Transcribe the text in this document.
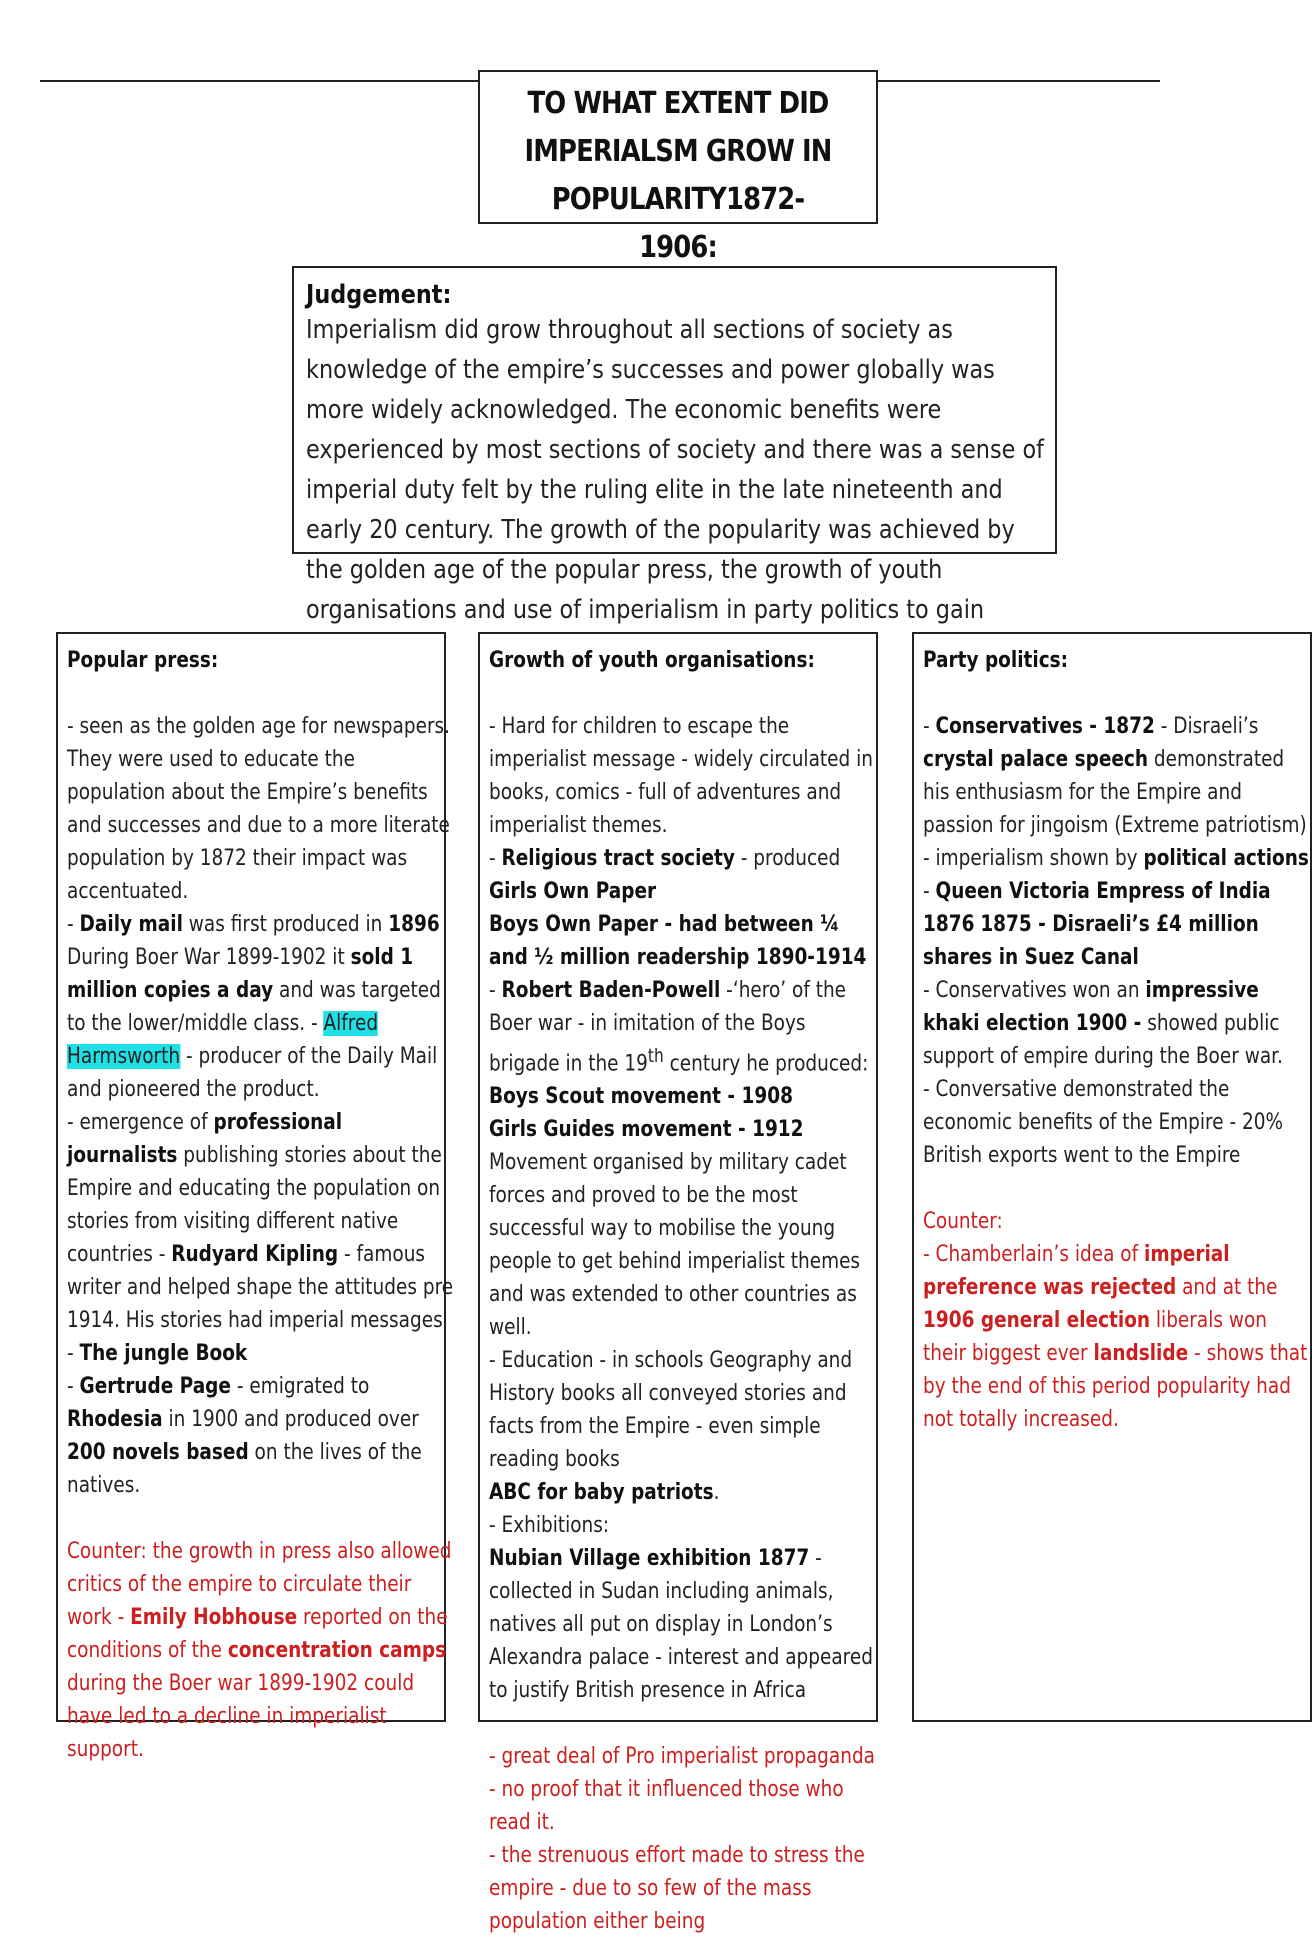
TO WHAT EXTENT DID
IMPERIALSM GROW IN
POPULARITY1872-1906:
Judgement:
Imperialism did grow throughout all sections of society as knowledge of the empire’s successes and power globally was more widely acknowledged. The economic benefits were experienced by most sections of society and there was a sense of imperial duty felt by the ruling elite in the late nineteenth and early 20 century. The growth of the popularity was achieved by the golden age of the popular press, the growth of youth organisations and use of imperialism in party politics to gain
Popular press:
- seen as the golden age for newspapers. They were used to educate the population about the Empire’s benefits and successes and due to a more literate population by 1872 their impact was accentuated.
- Daily mail was first produced in 1896
During Boer War 1899-1902 it sold 1 million copies a day and was targeted to the lower/middle class. - Alfred Harmsworth - producer of the Daily Mail and pioneered the product.
- emergence of professional journalists publishing stories about the Empire and educating the population on stories from visiting different native countries - Rudyard Kipling - famous writer and helped shape the attitudes pre 1914. His stories had imperial messages - The jungle Book
- Gertrude Page - emigrated to Rhodesia in 1900 and produced over 200 novels based on the lives of the natives.
Counter: the growth in press also allowed critics of the empire to circulate their work - Emily Hobhouse reported on the conditions of the concentration camps during the Boer war 1899-1902 could have led to a decline in imperialist support.
Growth of youth organisations:
- Hard for children to escape the imperialist message - widely circulated in books, comics - full of adventures and imperialist themes.
- Religious tract society - produced
Girls Own Paper
Boys Own Paper - had between ¼ and ½ million readership 1890-1914
- Robert Baden-Powell -‘hero’ of the Boer war - in imitation of the Boys brigade in the 19th century he produced:
Boys Scout movement - 1908
Girls Guides movement - 1912
Movement organised by military cadet forces and proved to be the most successful way to mobilise the young people to get behind imperialist themes and was extended to other countries as well.
- Education - in schools Geography and History books all conveyed stories and facts from the Empire - even simple reading books
ABC for baby patriots.
- Exhibitions:
Nubian Village exhibition 1877 - collected in Sudan including animals, natives all put on display in London’s Alexandra palace - interest and appeared to justify British presence in Africa
- great deal of Pro imperialist propaganda - no proof that it influenced those who read it.
- the strenuous effort made to stress the empire - due to so few of the mass population either being
Party politics:
- Conservatives - 1872 - Disraeli’s crystal palace speech demonstrated his enthusiasm for the Empire and passion for jingoism (Extreme patriotism)
- imperialism shown by political actions - Queen Victoria Empress of India 1876 1875 - Disraeli’s £4 million shares in Suez Canal
- Conservatives won an impressive khaki election 1900 - showed public support of empire during the Boer war.
- Conversative demonstrated the economic benefits of the Empire - 20% British exports went to the Empire
Counter:
- Chamberlain’s idea of imperial preference was rejected and at the 1906 general election liberals won their biggest ever landslide - shows that by the end of this period popularity had not totally increased.
